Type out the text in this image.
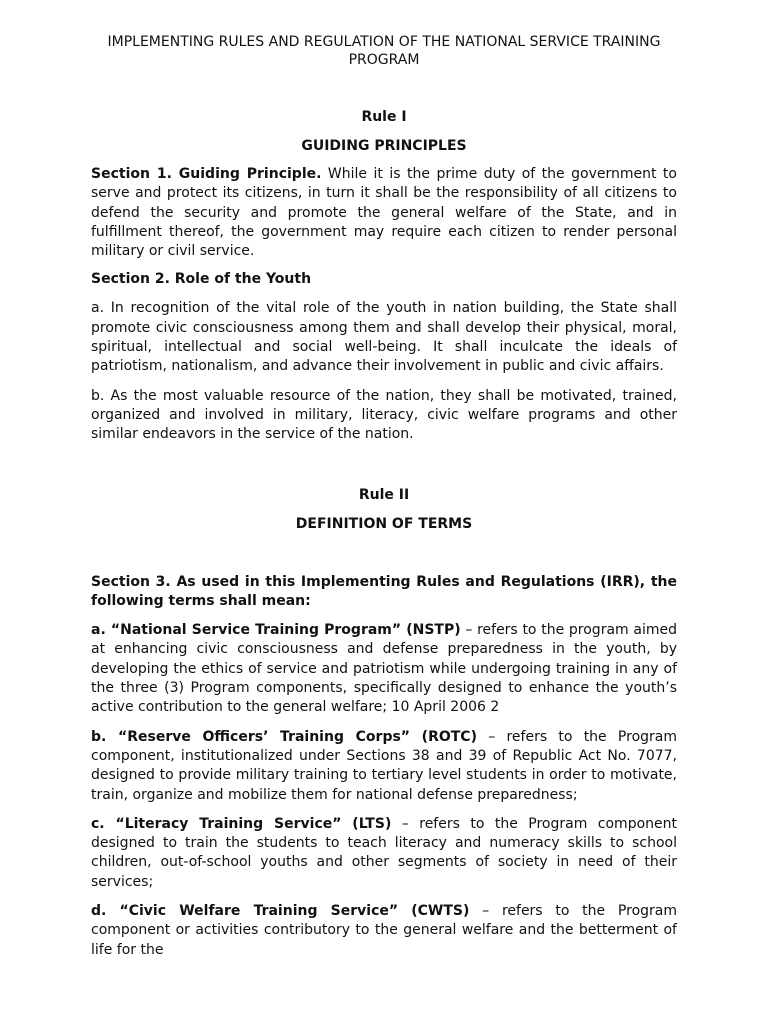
IMPLEMENTING RULES AND REGULATION OF THE NATIONAL SERVICE TRAINING PROGRAM
Rule I
GUIDING PRINCIPLES

Section 1. Guiding Principle. While it is the prime duty of the government to serve and protect its citizens, in turn it shall be the responsibility of all citizens to defend the security and promote the general welfare of the State, and in fulfillment thereof, the government may require each citizen to render personal military or civil service.

Section 2. Role of the Youth

a. In recognition of the vital role of the youth in nation building, the State shall promote civic consciousness among them and shall develop their physical, moral, spiritual, intellectual and social well-being. It shall inculcate the ideals of patriotism, nationalism, and advance their involvement in public and civic affairs.

b. As the most valuable resource of the nation, they shall be motivated, trained, organized and involved in military, literacy, civic welfare programs and other similar endeavors in the service of the nation.

Rule II
DEFINITION OF TERMS

Section 3. As used in this Implementing Rules and Regulations (IRR), the following terms shall mean:

a. “National Service Training Program” (NSTP) – refers to the program aimed at enhancing civic consciousness and defense preparedness in the youth, by developing the ethics of service and patriotism while undergoing training in any of the three (3) Program components, specifically designed to enhance the youth’s active contribution to the general welfare; 10 April 2006 2

b. “Reserve Officers’ Training Corps” (ROTC) – refers to the Program component, institutionalized under Sections 38 and 39 of Republic Act No. 7077, designed to provide military training to tertiary level students in order to motivate, train, organize and mobilize them for national defense preparedness;

c. “Literacy Training Service” (LTS) – refers to the Program component designed to train the students to teach literacy and numeracy skills to school children, out-of-school youths and other segments of society in need of their services;

d. “Civic Welfare Training Service” (CWTS) – refers to the Program component or activities contributory to the general welfare and the betterment of life for the
